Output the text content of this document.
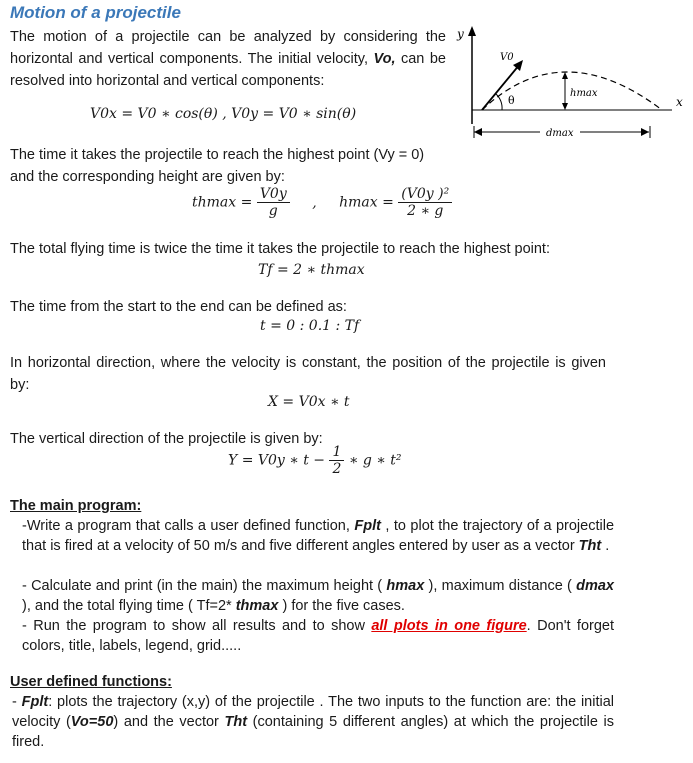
Motion of a projectile
The motion of a projectile can be analyzed by considering the horizontal and vertical components. The initial velocity, Vo, can be resolved into horizontal and vertical components:
y
x
V0
θ
hmax
dmax
V0x = V0 ∗ cos(θ) , V0y = V0 ∗ sin(θ)
The time it takes the projectile to reach the highest point (Vy = 0)
and the corresponding height are given by:
$thmax = \frac{V0y}{g}$ , $hmax = \frac{\text{(V0y )²}}{2 ∗ g}$
The total flying time is twice the time it takes the projectile to reach the highest point:
Tf = 2 ∗ thmax
The time from the start to the end can be defined as:
t = 0 : 0.1 : Tf
In horizontal direction, where the velocity is constant, the position of the projectile is given by:
X = V0x ∗ t
The vertical direction of the projectile is given by:
Y = V0y ∗ $t - \frac{1}{2}$ ∗ g ∗ t²
The main program:
-Write a program that calls a user defined function, Fplt , to plot the trajectory of a projectile that is fired at a velocity of 50 m/s and five different angles entered by user as a vector Tht .
- Calculate and print (in the main) the maximum height ( hmax ), maximum distance ( dmax ), and the total flying time ( Tf=2* thmax ) for the five cases.
- Run the program to show all results and to show all plots in one figure. Don't forget colors, title, labels, legend, grid.....
User defined functions:
- Fplt: plots the trajectory (x,y) of the projectile . The two inputs to the function are: the initial velocity (Vo=50) and the vector Tht (containing 5 different angles) at which the projectile is fired.
